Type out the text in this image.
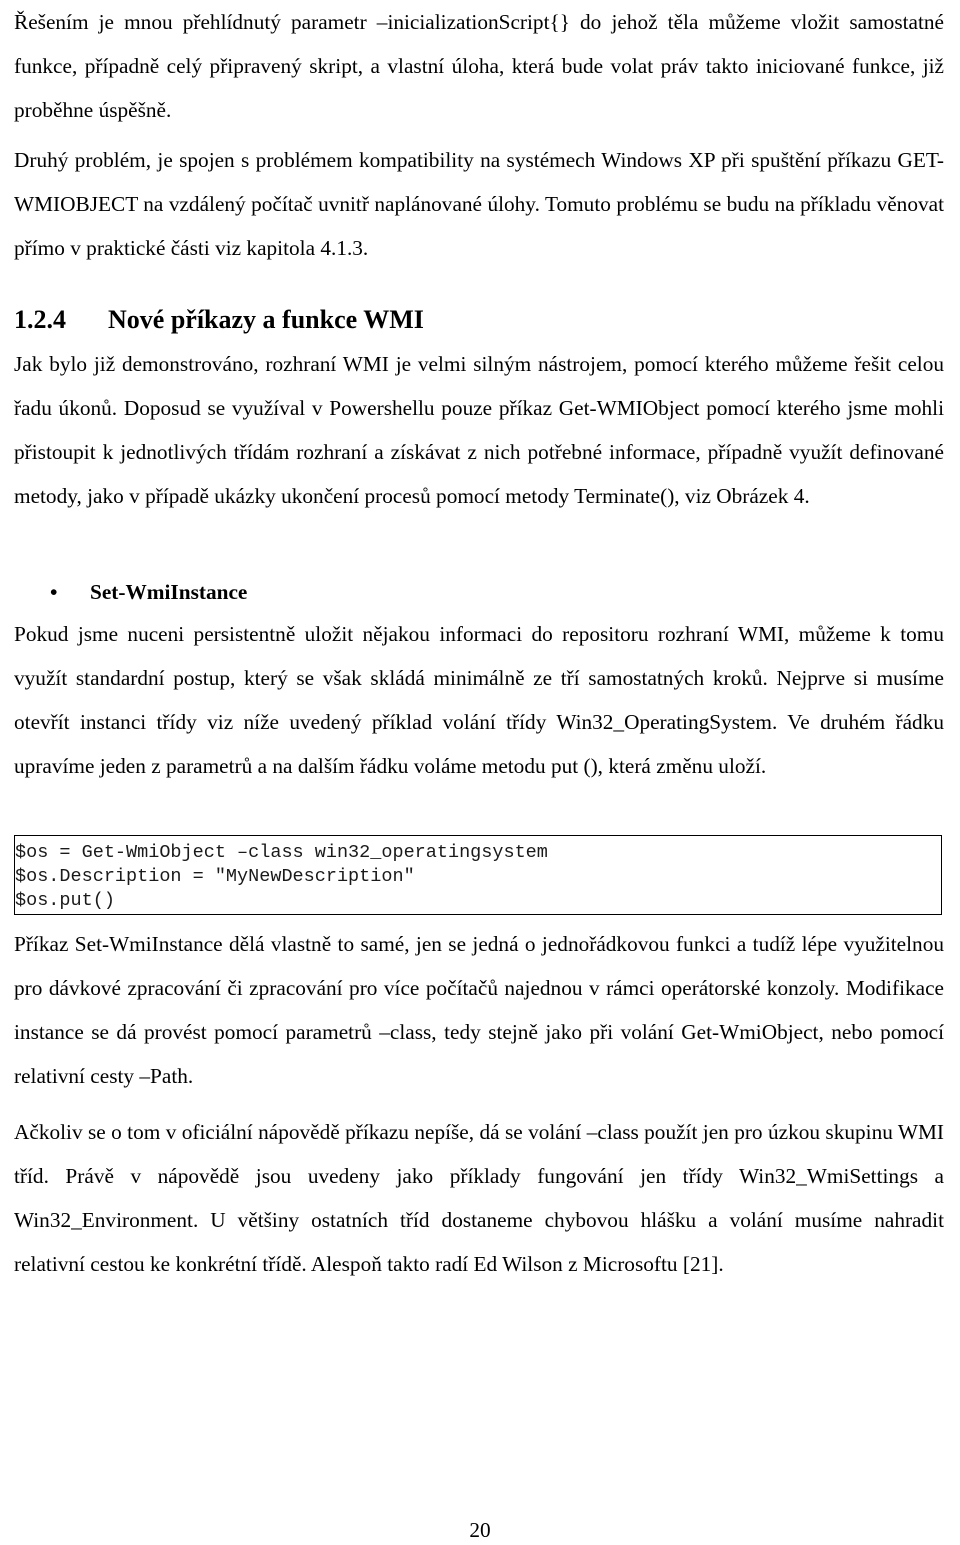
Řešením je mnou přehlídnutý parametr –inicializationScript{} do jehož těla můžeme vložit samostatné funkce, případně celý připravený skript, a vlastní úloha, která bude volat práv takto iniciované funkce, již proběhne úspěšně.

Druhý problém, je spojen s problémem kompatibility na systémech Windows XP při spuštění příkazu GET-WMIOBJECT na vzdálený počítač uvnitř naplánované úlohy. Tomuto problému se budu na příkladu věnovat přímo v praktické části viz kapitola 4.1.3.

1.2.4 Nové příkazy a funkce WMI

Jak bylo již demonstrováno, rozhraní WMI je velmi silným nástrojem, pomocí kterého můžeme řešit celou řadu úkonů. Doposud se využíval v Powershellu pouze příkaz Get-WMIObject pomocí kterého jsme mohli přistoupit k jednotlivých třídám rozhraní a získávat z nich potřebné informace, případně využít definované metody, jako v případě ukázky ukončení procesů pomocí metody Terminate(), viz Obrázek 4.

• Set-WmiInstance

Pokud jsme nuceni persistentně uložit nějakou informaci do repositoru rozhraní WMI, můžeme k tomu využít standardní postup, který se však skládá minimálně ze tří samostatných kroků. Nejprve si musíme otevřít instanci třídy viz níže uvedený příklad volání třídy Win32_OperatingSystem. Ve druhém řádku upravíme jeden z parametrů a na dalším řádku voláme metodu put (), která změnu uloží.

$os = Get-WmiObject –class win32_operatingsystem
$os.Description = "MyNewDescription"
$os.put()

Příkaz Set-WmiInstance dělá vlastně to samé, jen se jedná o jednořádkovou funkci a tudíž lépe využitelnou pro dávkové zpracování či zpracování pro více počítačů najednou v rámci operátorské konzoly. Modifikace instance se dá provést pomocí parametrů –class, tedy stejně jako při volání Get-WmiObject, nebo pomocí relativní cesty –Path.

Ačkoliv se o tom v oficiální nápovědě příkazu nepíše, dá se volání –class použít jen pro úzkou skupinu WMI tříd. Právě v nápovědě jsou uvedeny jako příklady fungování jen třídy Win32_WmiSettings a Win32_Environment. U většiny ostatních tříd dostaneme chybovou hlášku a volání musíme nahradit relativní cestou ke konkrétní třídě. Alespoň takto radí Ed Wilson z Microsoftu [21].

20
